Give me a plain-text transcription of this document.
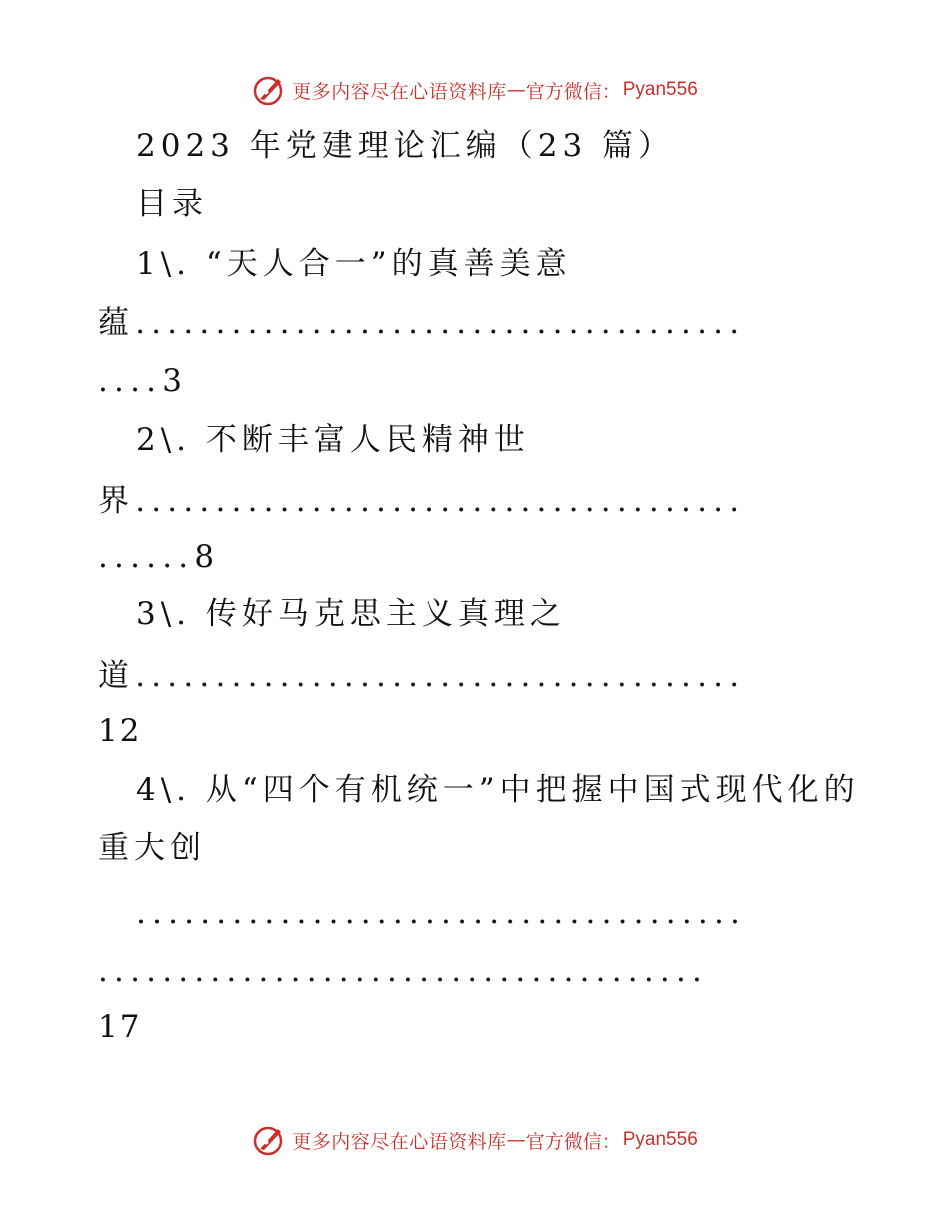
更多内容尽在心语资料库 — 官方微信： Pyan556
2023 年党建理论汇编（23 篇）
目录
1\. “天人合一”的真善美意
蕴......................................
....3
2\. 不断丰富人民精神世
界......................................
......8
3\. 传好马克思主义真理之
道......................................
12
4\. 从“四个有机统一”中把握中国式现代化的
重大创
......................................
......................................
17
更多内容尽在心语资料库 — 官方微信： Pyan556
